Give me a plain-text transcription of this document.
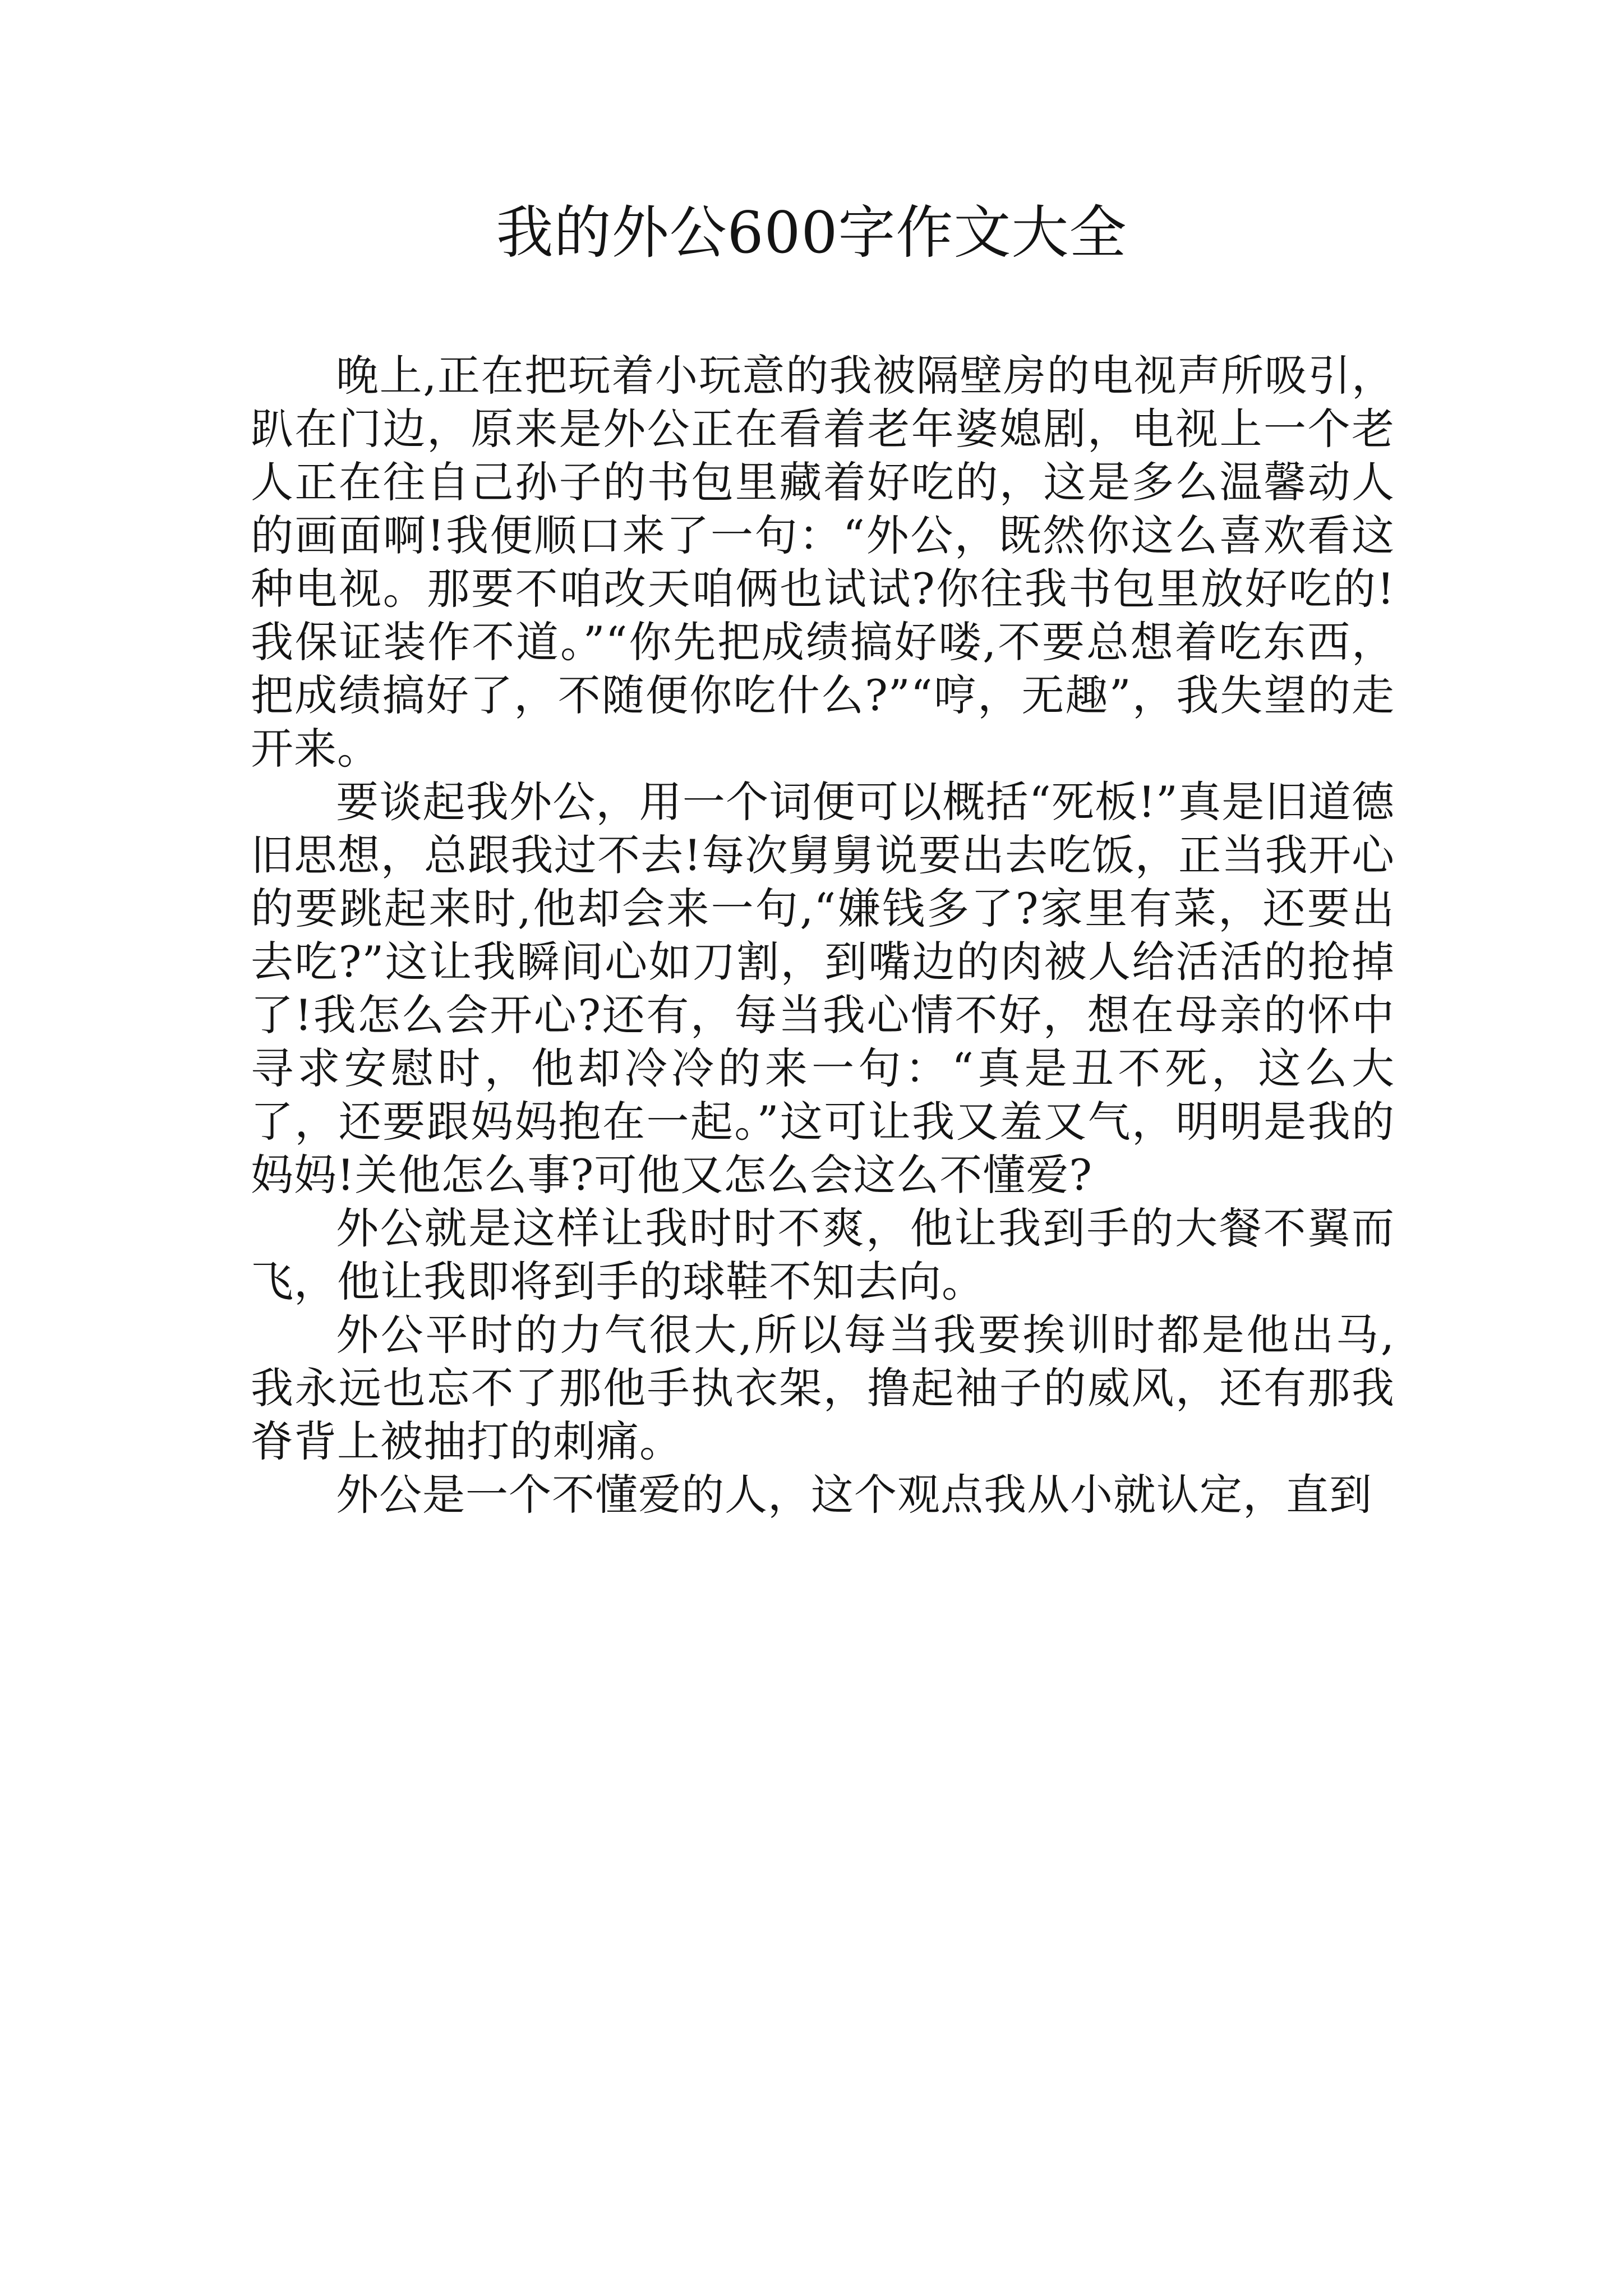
我的外公600字作文大全

晚上,正在把玩着小玩意的我被隔壁房的电视声所吸引，趴在门边，原来是外公正在看着老年婆媳剧，电视上一个老人正在往自己孙子的书包里藏着好吃的，这是多么温馨动人的画面啊!我便顺口来了一句：“外公，既然你这么喜欢看这种电视。那要不咱改天咱俩也试试?你往我书包里放好吃的!我保证装作不道。”“你先把成绩搞好喽,不要总想着吃东西，把成绩搞好了，不随便你吃什么?”“哼，无趣”，我失望的走开来。

要谈起我外公，用一个词便可以概括“死板!”真是旧道德旧思想，总跟我过不去!每次舅舅说要出去吃饭，正当我开心的要跳起来时,他却会来一句,“嫌钱多了?家里有菜，还要出去吃?”这让我瞬间心如刀割，到嘴边的肉被人给活活的抢掉了!我怎么会开心?还有，每当我心情不好，想在母亲的怀中寻求安慰时，他却冷冷的来一句：“真是丑不死，这么大了，还要跟妈妈抱在一起。”这可让我又羞又气，明明是我的妈妈!关他怎么事?可他又怎么会这么不懂爱?

外公就是这样让我时时不爽，他让我到手的大餐不翼而飞，他让我即将到手的球鞋不知去向。

外公平时的力气很大,所以每当我要挨训时都是他出马,我永远也忘不了那他手执衣架，撸起袖子的威风，还有那我脊背上被抽打的刺痛。

外公是一个不懂爱的人，这个观点我从小就认定，直到
